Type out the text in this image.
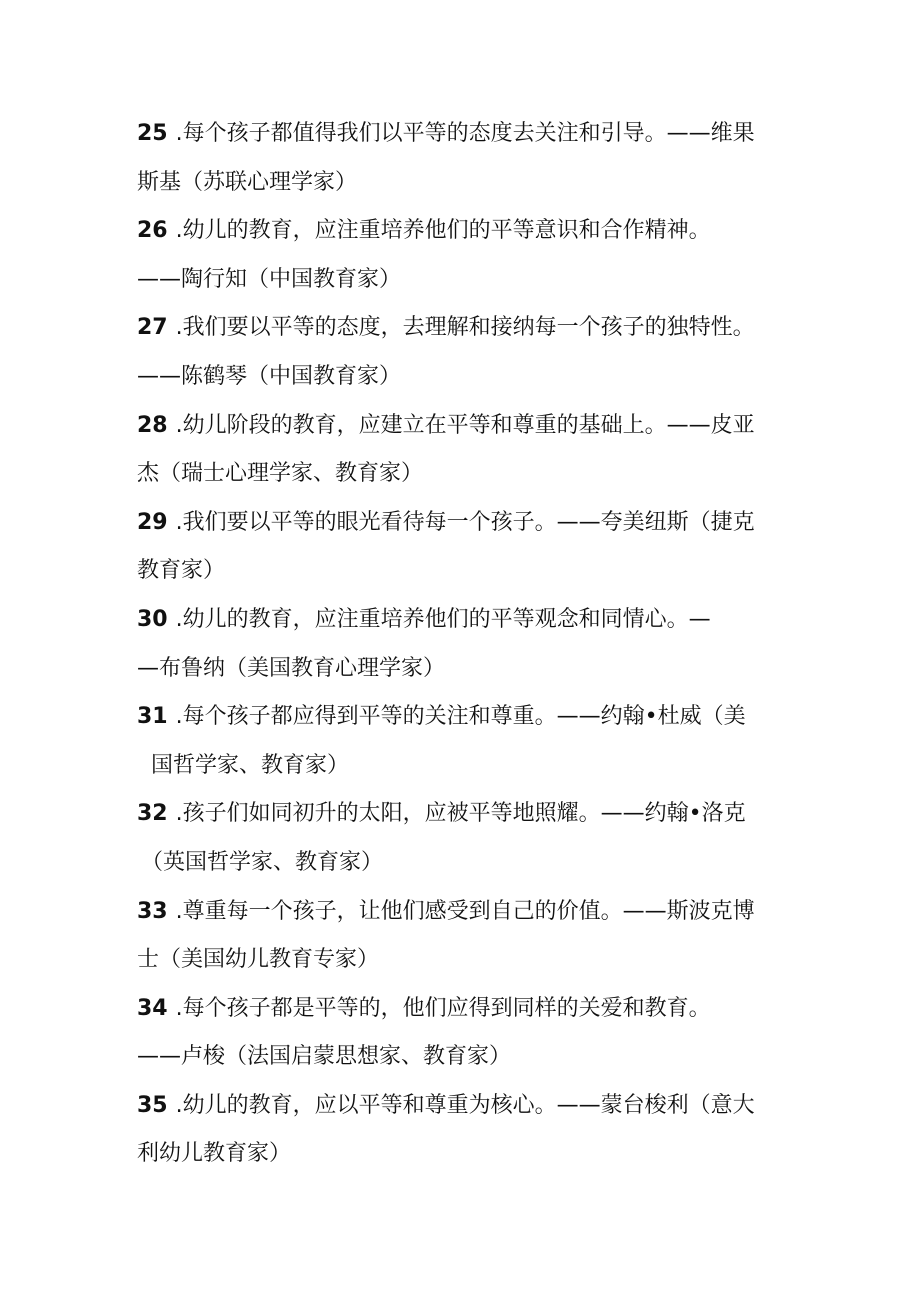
25 .每个孩子都值得我们以平等的态度去关注和引导。——维果
斯基（苏联心理学家）
26 .幼儿的教育，应注重培养他们的平等意识和合作精神。
——陶行知（中国教育家）
27 .我们要以平等的态度，去理解和接纳每一个孩子的独特性。
——陈鹤琴（中国教育家）
28 .幼儿阶段的教育，应建立在平等和尊重的基础上。——皮亚
杰（瑞士心理学家、教育家）
29 .我们要以平等的眼光看待每一个孩子。——夸美纽斯（捷克
教育家）
30 .幼儿的教育，应注重培养他们的平等观念和同情心。—
—布鲁纳（美国教育心理学家）
31 .每个孩子都应得到平等的关注和尊重。——约翰•杜威（美
国哲学家、教育家）
32 .孩子们如同初升的太阳，应被平等地照耀。——约翰•洛克
（英国哲学家、教育家）
33 .尊重每一个孩子，让他们感受到自己的价值。——斯波克博
士（美国幼儿教育专家）
34 .每个孩子都是平等的，他们应得到同样的关爱和教育。
——卢梭（法国启蒙思想家、教育家）
35 .幼儿的教育，应以平等和尊重为核心。——蒙台梭利（意大
利幼儿教育家）
